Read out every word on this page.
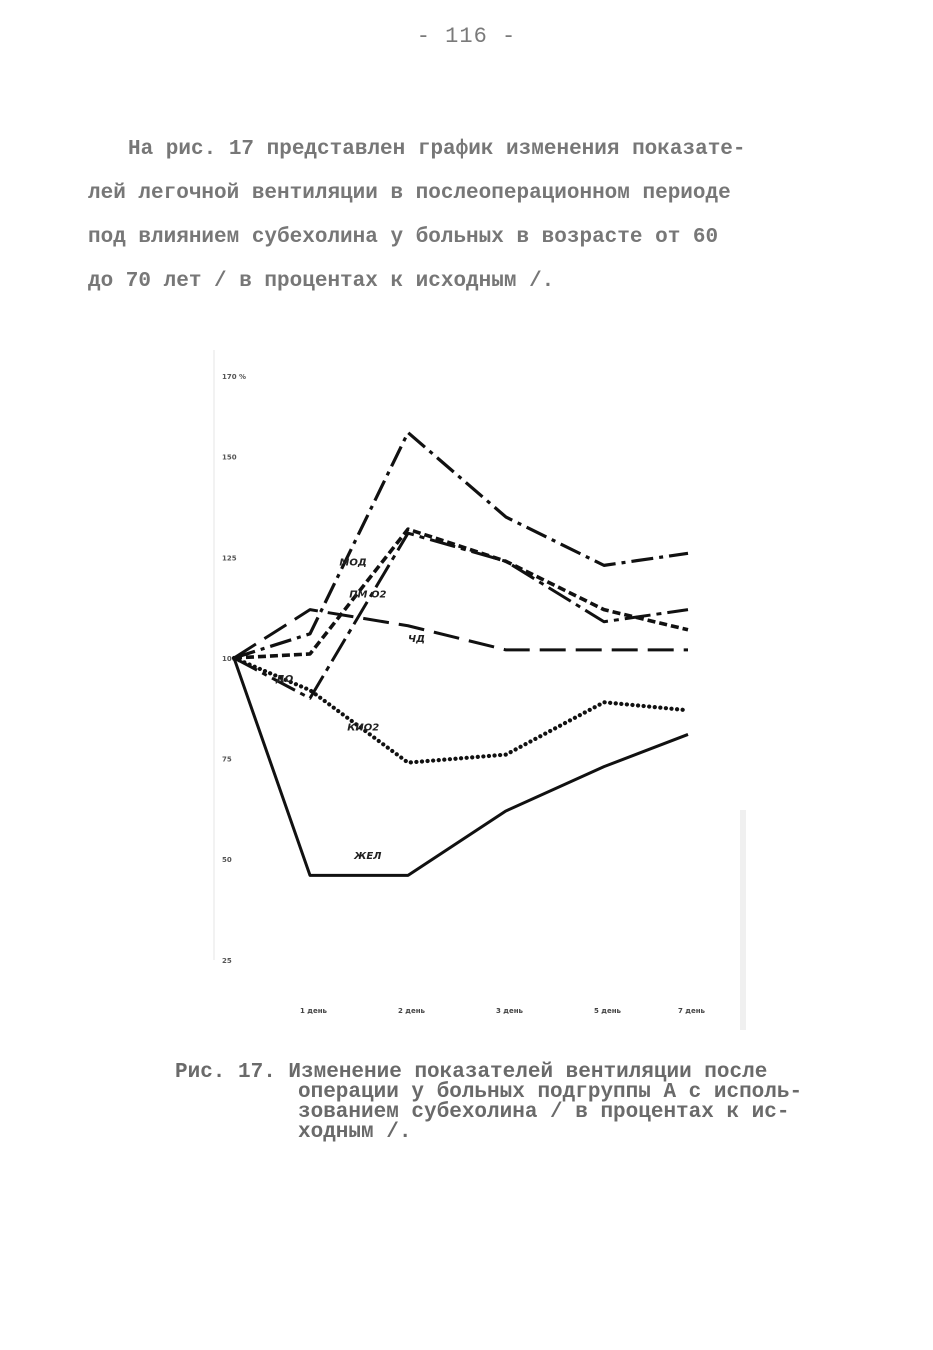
- 116 -
На рис. 17 представлен график изменения показате-
лей легочной вентиляции в послеоперационном периоде
под влиянием субехолина у больных в возрасте от 60
до 70 лет / в процентах к исходным /.
170 %
150
125
100
75
50
25
1 день	2 день	3 день	5 день	7 день
МОД
ПМ О2
ДО
ЧД
КИО2
ЖЕЛ
Рис. 17. Изменение показателей вентиляции после
операции у больных подгруппы А с исполь-
зованием субехолина / в процентах к ис-
ходным /.
